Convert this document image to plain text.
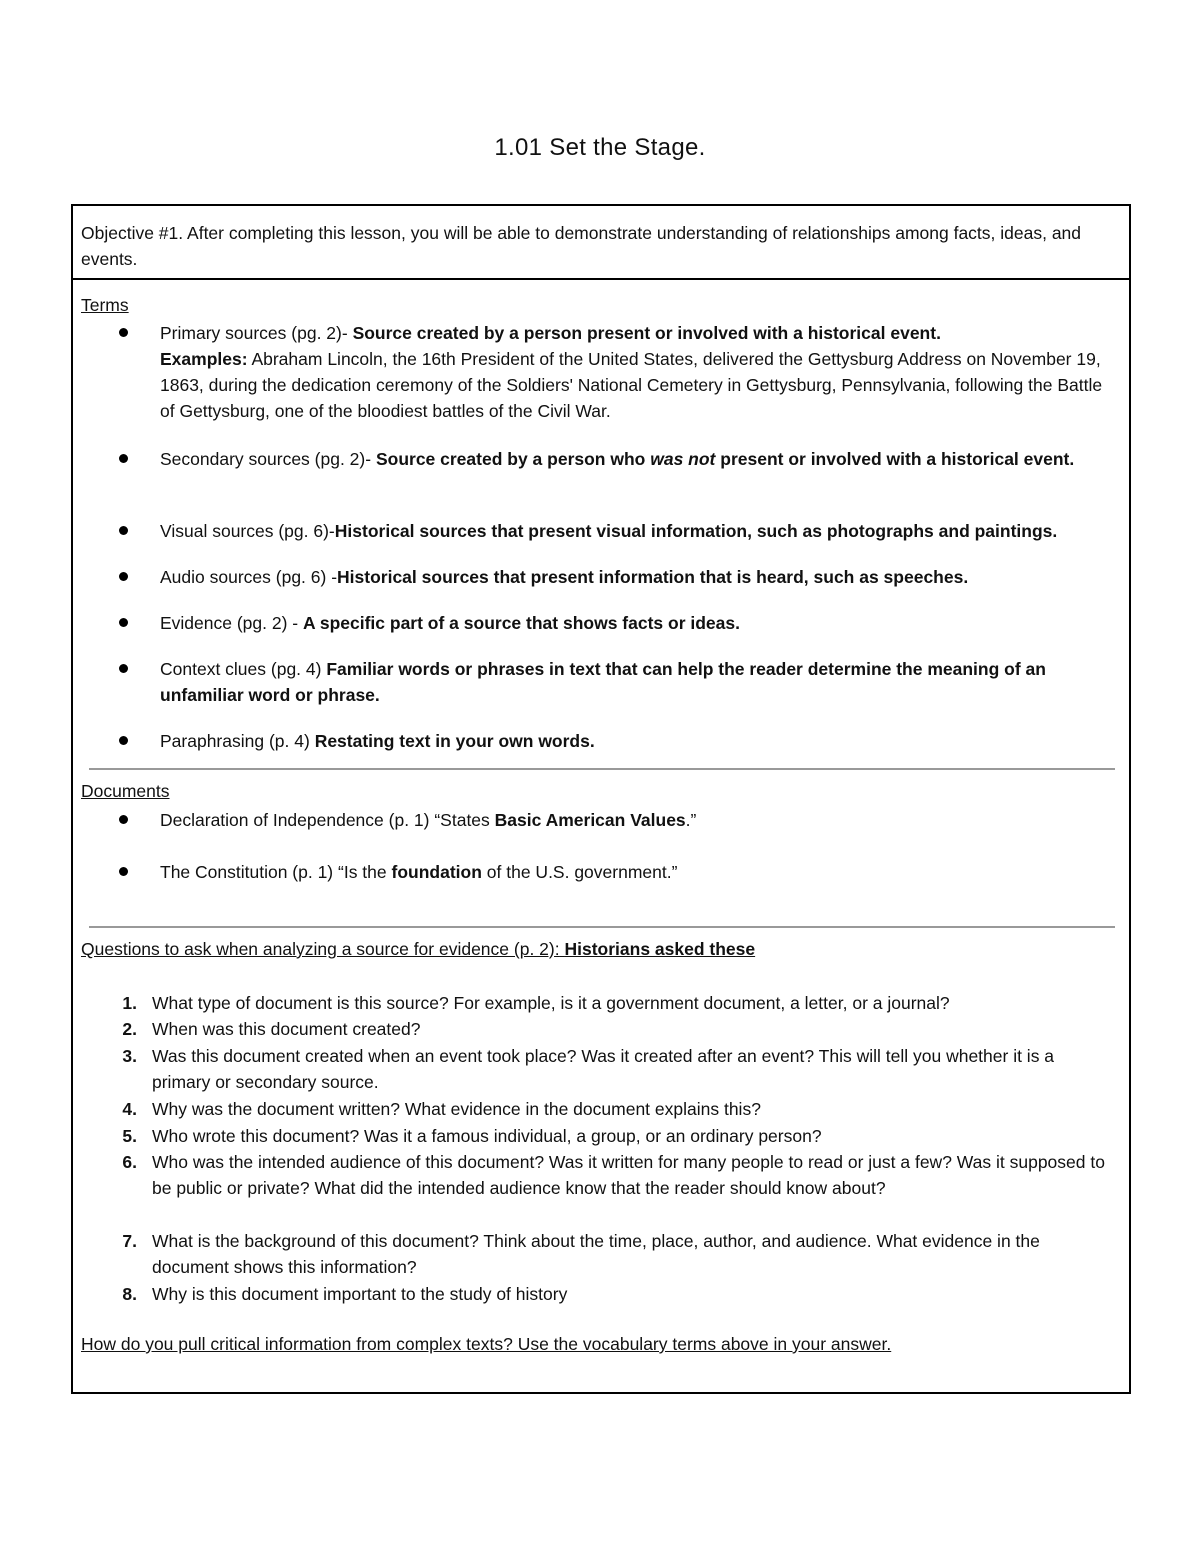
1.01 Set the Stage.
Objective #1. After completing this lesson, you will be able to demonstrate understanding of relationships among facts, ideas, and events.
Terms
Primary sources (pg. 2)- Source created by a person present or involved with a historical event.
Examples: Abraham Lincoln, the 16th President of the United States, delivered the Gettysburg Address on November 19, 1863, during the dedication ceremony of the Soldiers' National Cemetery in Gettysburg, Pennsylvania, following the Battle of Gettysburg, one of the bloodiest battles of the Civil War.
Secondary sources (pg. 2)- Source created by a person who was not present or involved with a historical event.
Visual sources (pg. 6)-Historical sources that present visual information, such as photographs and paintings.
Audio sources (pg. 6) -Historical sources that present information that is heard, such as speeches.
Evidence (pg. 2) - A specific part of a source that shows facts or ideas.
Context clues (pg. 4) Familiar words or phrases in text that can help the reader determine the meaning of an unfamiliar word or phrase.
Paraphrasing (p. 4) Restating text in your own words.
Documents
Declaration of Independence (p. 1) “States Basic American Values.”
The Constitution (p. 1) “Is the foundation of the U.S. government.”
Questions to ask when analyzing a source for evidence (p. 2): Historians asked these
1. What type of document is this source? For example, is it a government document, a letter, or a journal?
2. When was this document created?
3. Was this document created when an event took place? Was it created after an event? This will tell you whether it is a primary or secondary source.
4. Why was the document written? What evidence in the document explains this?
5. Who wrote this document? Was it a famous individual, a group, or an ordinary person?
6. Who was the intended audience of this document? Was it written for many people to read or just a few? Was it supposed to be public or private? What did the intended audience know that the reader should know about?
7. What is the background of this document? Think about the time, place, author, and audience. What evidence in the document shows this information?
8. Why is this document important to the study of history
How do you pull critical information from complex texts? Use the vocabulary terms above in your answer.
